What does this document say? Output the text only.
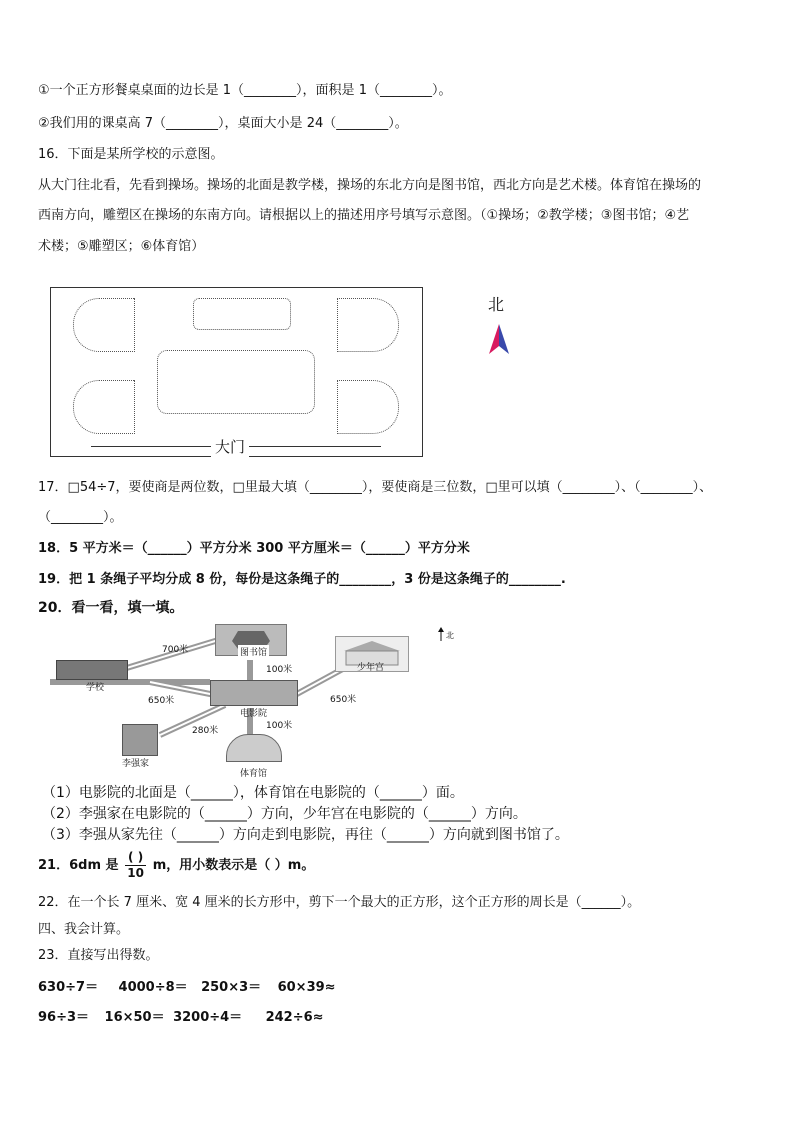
①一个正方形餐桌桌面的边长是 1（________），面积是 1（________）。
②我们用的课桌高 7（________），桌面大小是 24（________）。
16．下面是某所学校的示意图。
从大门往北看，先看到操场。操场的北面是教学楼，操场的东北方向是图书馆，西北方向是艺术楼。体育馆在操场的
西南方向，雕塑区在操场的东南方向。请根据以上的描述用序号填写示意图。（①操场；②教学楼；③图书馆；④艺
术楼；⑤雕塑区；⑥体育馆）
大门
北
17．□54÷7，要使商是两位数，□里最大填（________），要使商是三位数，□里可以填（________）、（________）、
（________）。
18．5 平方米＝（______）平方分米 300 平方厘米＝（______）平方分米
19．把 1 条绳子平均分成 8 份，每份是这条绳子的________，3 份是这条绳子的________.
20．看一看，填一填。
图书馆
少年宫
学校
电影院
李强家
体育馆
700米
100米
650米	650米
280米	100米
北
（1）电影院的北面是（______），体育馆在电影院的（______）面。
（2）李强家在电影院的（______）方向，少年宫在电影院的（______）方向。
（3）李强从家先往（______）方向走到电影院，再往（______）方向就到图书馆了。
21．6dm 是 $\frac{( )}{10}$ m，用小数表示是（ ）m。
22．在一个长 7 厘米、宽 4 厘米的长方形中，剪下一个最大的正方形，这个正方形的周长是（______）。
四、我会计算。
23．直接写出得数。
630÷7＝ 4000÷8＝ 250×3＝ 60×39≈
96÷3＝ 16×50＝ 3200÷4＝ 242÷6≈
